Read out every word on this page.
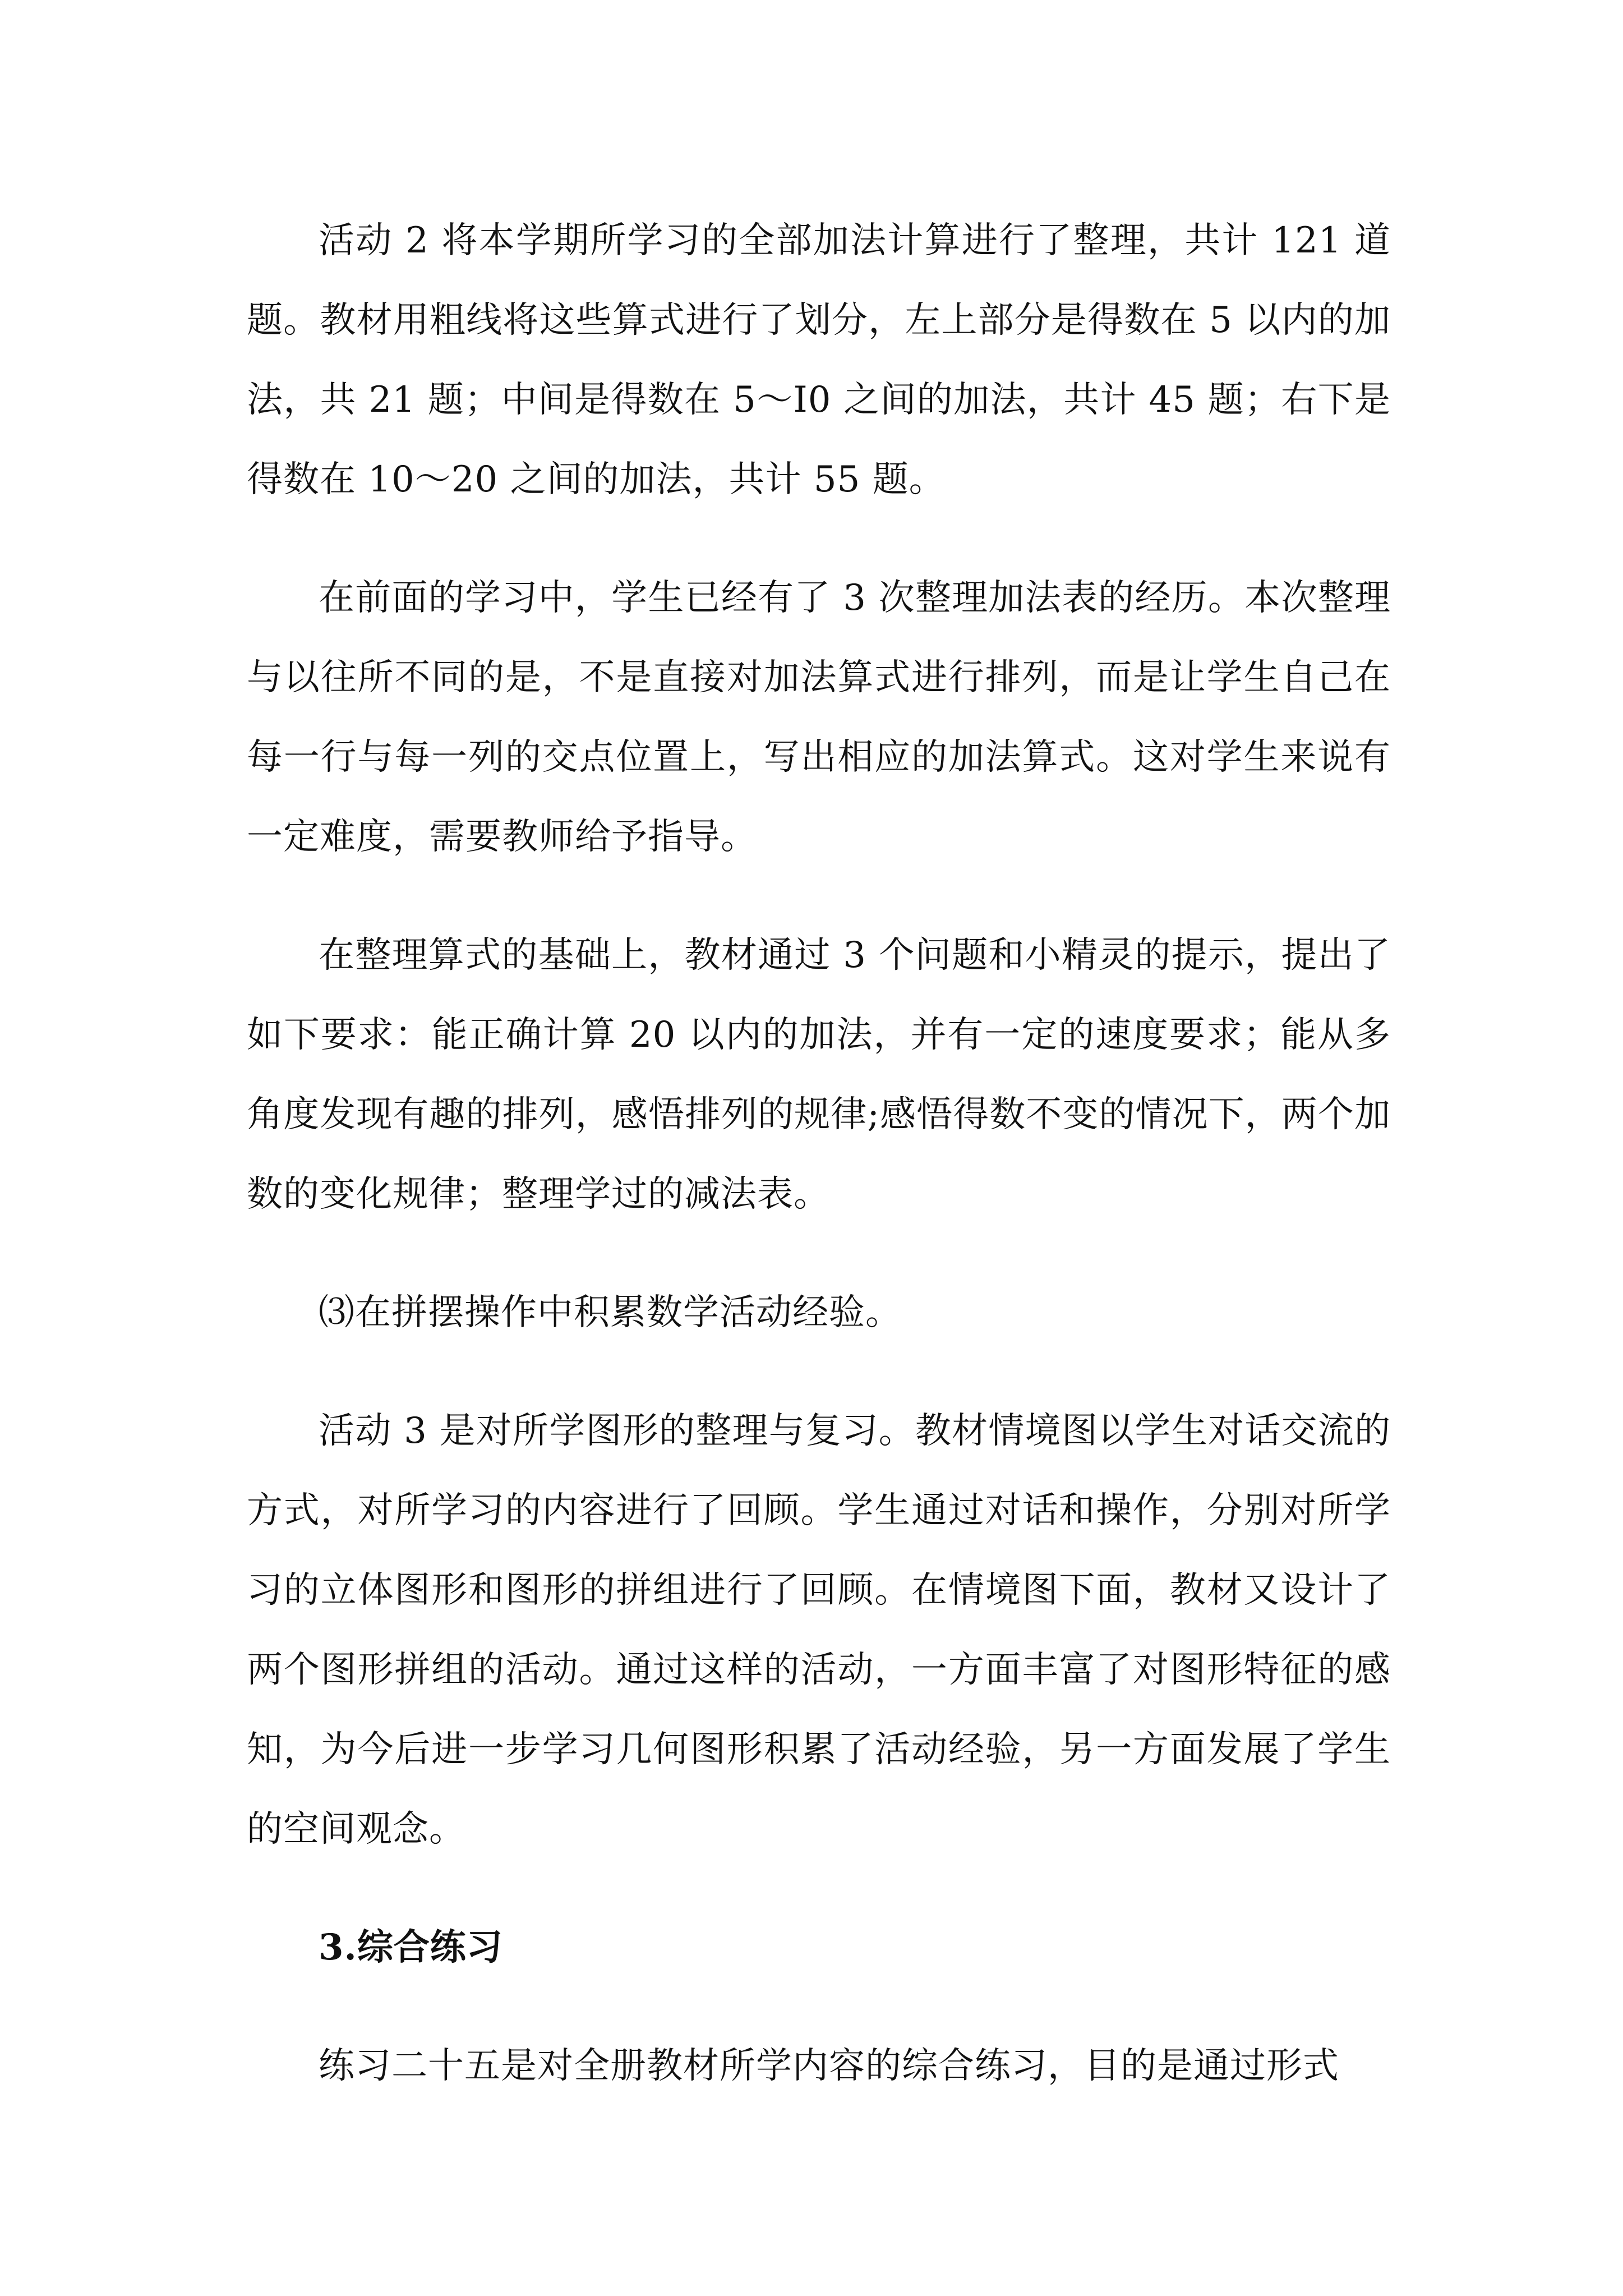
活动 2 将本学期所学习的全部加法计算进行了整理，共计 121 道题。教材用粗线将这些算式进行了划分，左上部分是得数在 5 以内的加法，共 21 题；中间是得数在 5～I0 之间的加法，共计 45 题；右下是得数在 10～20 之间的加法，共计 55 题。

在前面的学习中，学生已经有了 3 次整理加法表的经历。本次整理与以往所不同的是，不是直接对加法算式进行排列，而是让学生自己在每一行与每一列的交点位置上，写出相应的加法算式。这对学生来说有一定难度，需要教师给予指导。

在整理算式的基础上，教材通过 3 个问题和小精灵的提示，提出了如下要求：能正确计算 20 以内的加法，并有一定的速度要求；能从多角度发现有趣的排列，感悟排列的规律;感悟得数不变的情况下，两个加数的变化规律；整理学过的减法表。

⑶在拼摆操作中积累数学活动经验。

活动 3 是对所学图形的整理与复习。教材情境图以学生对话交流的方式，对所学习的内容进行了回顾。学生通过对话和操作，分别对所学习的立体图形和图形的拼组进行了回顾。在情境图下面，教材又设计了两个图形拼组的活动。通过这样的活动，一方面丰富了对图形特征的感知，为今后进一步学习几何图形积累了活动经验，另一方面发展了学生的空间观念。

3.综合练习

练习二十五是对全册教材所学内容的综合练习，目的是通过形式
